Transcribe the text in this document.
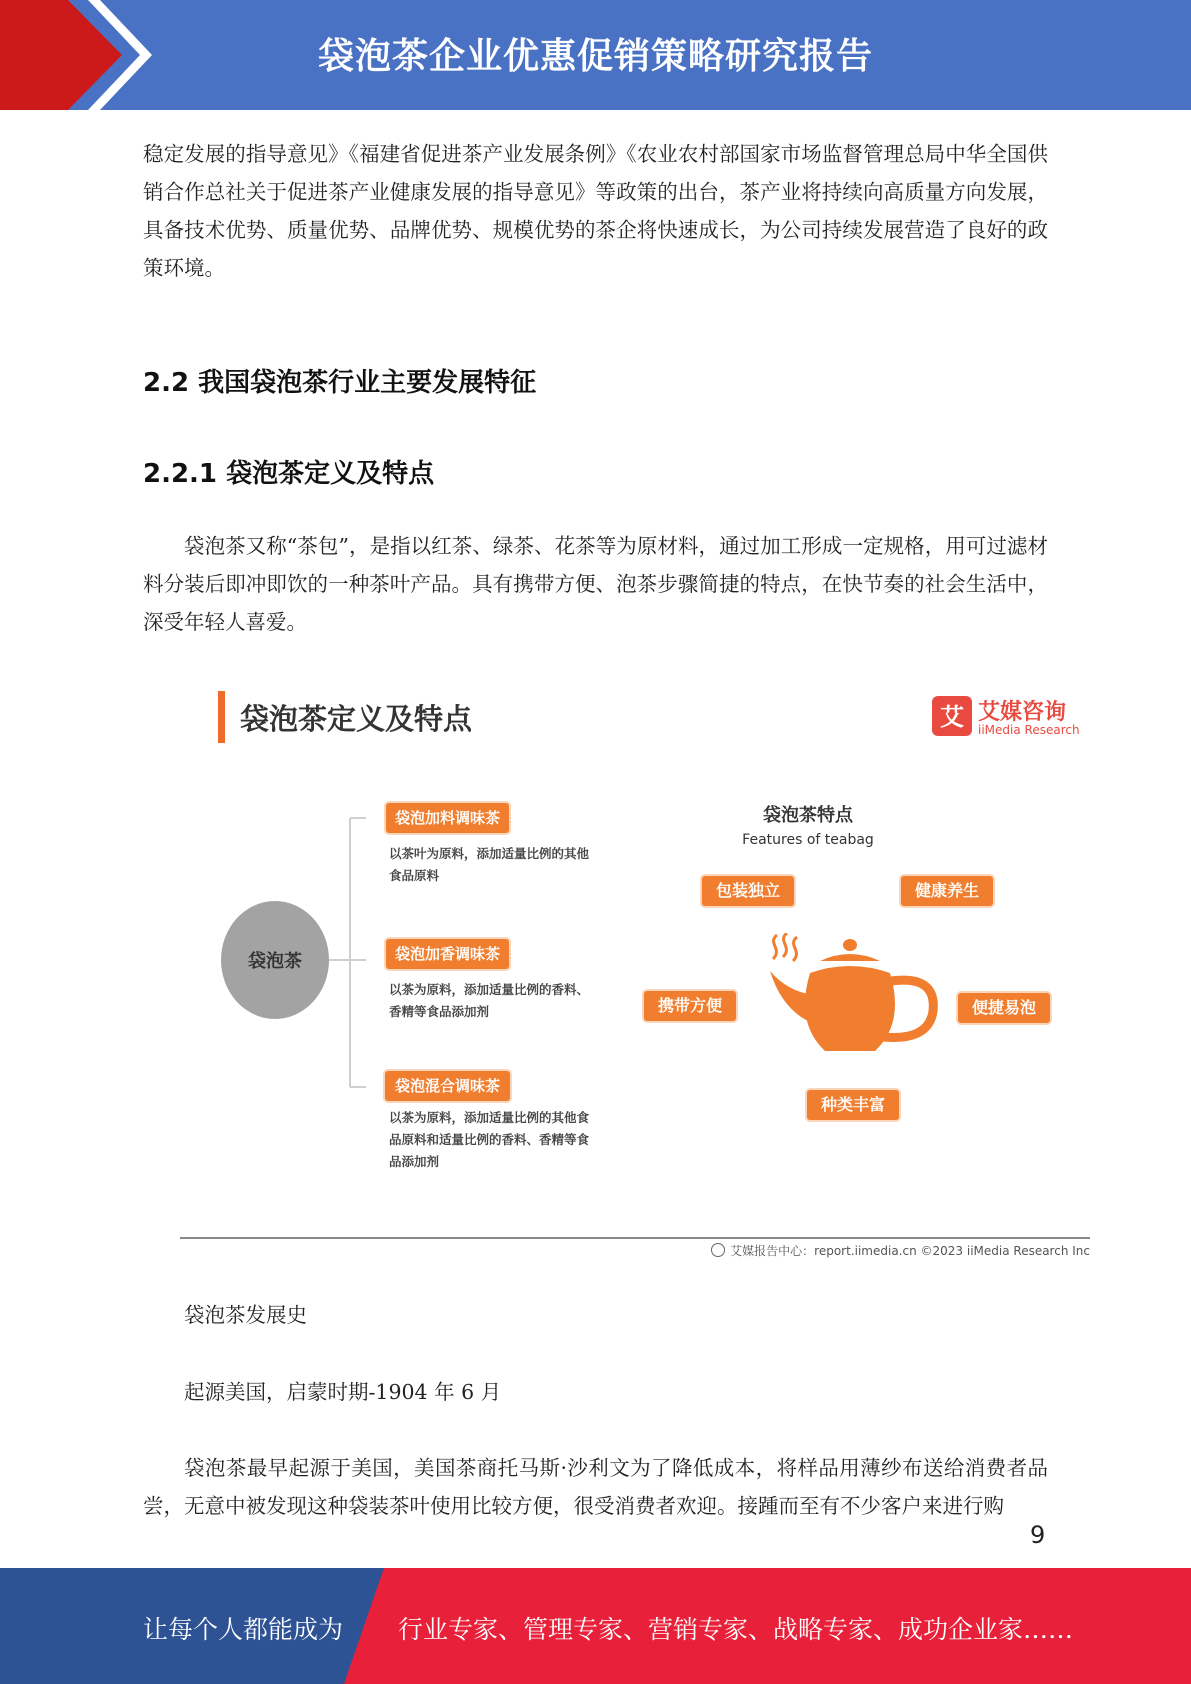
袋泡茶企业优惠促销策略研究报告

稳定发展的指导意见》《福建省促进茶产业发展条例》《农业农村部国家市场监督管理总局中华全国供销合作总社关于促进茶产业健康发展的指导意见》等政策的出台，茶产业将持续向高质量方向发展，具备技术优势、质量优势、品牌优势、规模优势的茶企将快速成长，为公司持续发展营造了良好的政策环境。

2.2 我国袋泡茶行业主要发展特征
2.2.1 袋泡茶定义及特点

袋泡茶又称“茶包”，是指以红茶、绿茶、花茶等为原材料，通过加工形成一定规格，用可过滤材料分装后即冲即饮的一种茶叶产品。具有携带方便、泡茶步骤简捷的特点，在快节奏的社会生活中，深受年轻人喜爱。

袋泡茶定义及特点	艾 艾媒咨询
iiMedia Research
袋泡茶
袋泡加料调味茶
以茶叶为原料，添加适量比例的其他食品原料
袋泡加香调味茶
以茶为原料，添加适量比例的香料、香精等食品添加剂
袋泡混合调味茶
以茶为原料，添加适量比例的其他食品原料和适量比例的香料、香精等食品添加剂
袋泡茶特点
Features of teabag
包装独立	健康养生
携带方便	便捷易泡
种类丰富
艾媒报告中心：report.iimedia.cn ©2023 iiMedia Research Inc

袋泡茶发展史

起源美国，启蒙时期-1904 年 6 月

袋泡茶最早起源于美国，美国茶商托马斯·沙利文为了降低成本，将样品用薄纱布送给消费者品尝，无意中被发现这种袋装茶叶使用比较方便，很受消费者欢迎。接踵而至有不少客户来进行购

9
让每个人都能成为 行业专家、管理专家、营销专家、战略专家、成功企业家……
